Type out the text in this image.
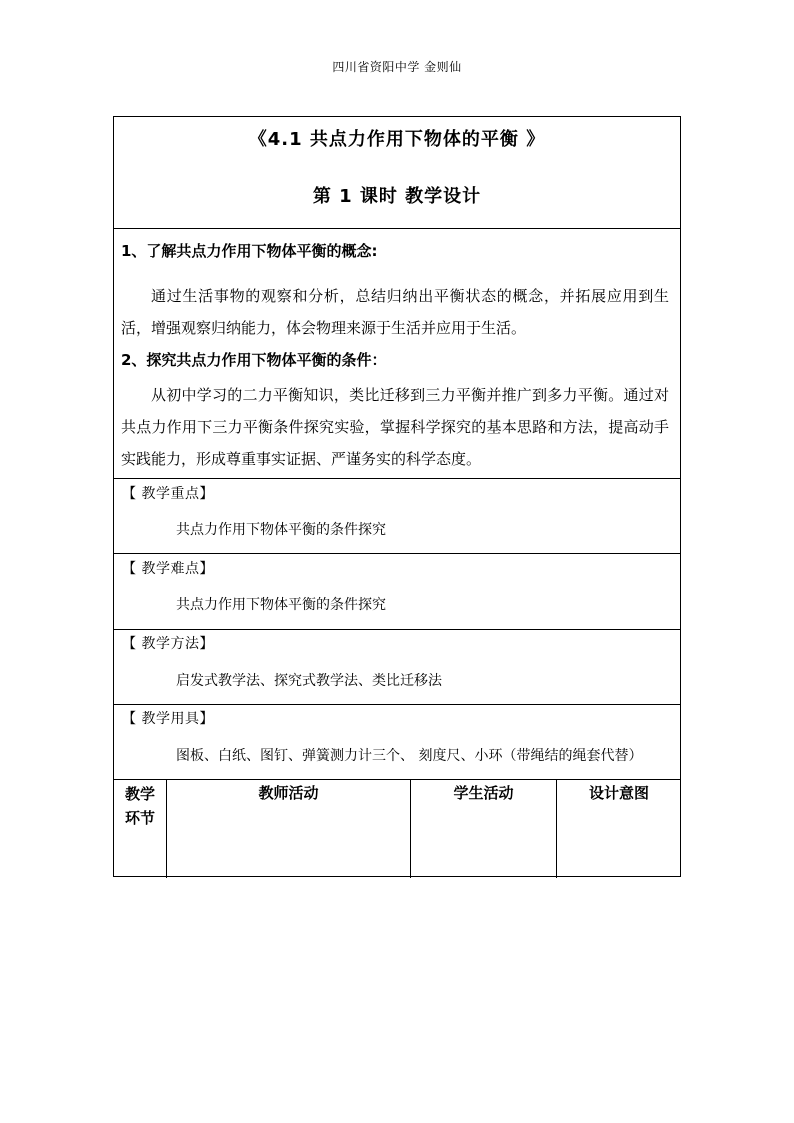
四川省资阳中学 金则仙
《4.1 共点力作用下物体的平衡 》
第 1 课时 教学设计
1、了解共点力作用下物体平衡的概念:
通过生活事物的观察和分析，总结归纳出平衡状态的概念，并拓展应用到生活，增强观察归纳能力，体会物理来源于生活并应用于生活。
2、探究共点力作用下物体平衡的条件：
从初中学习的二力平衡知识，类比迁移到三力平衡并推广到多力平衡。通过对共点力作用下三力平衡条件探究实验，掌握科学探究的基本思路和方法，提高动手实践能力，形成尊重事实证据、严谨务实的科学态度。
【 教学重点】
共点力作用下物体平衡的条件探究
【 教学难点】
共点力作用下物体平衡的条件探究
【 教学方法】
启发式教学法、探究式教学法、类比迁移法
【 教学用具】
图板、白纸、图钉、弹簧测力计三个、 刻度尺、小环（带绳结的绳套代替）
教学
环节
教师活动	学生活动	设计意图
